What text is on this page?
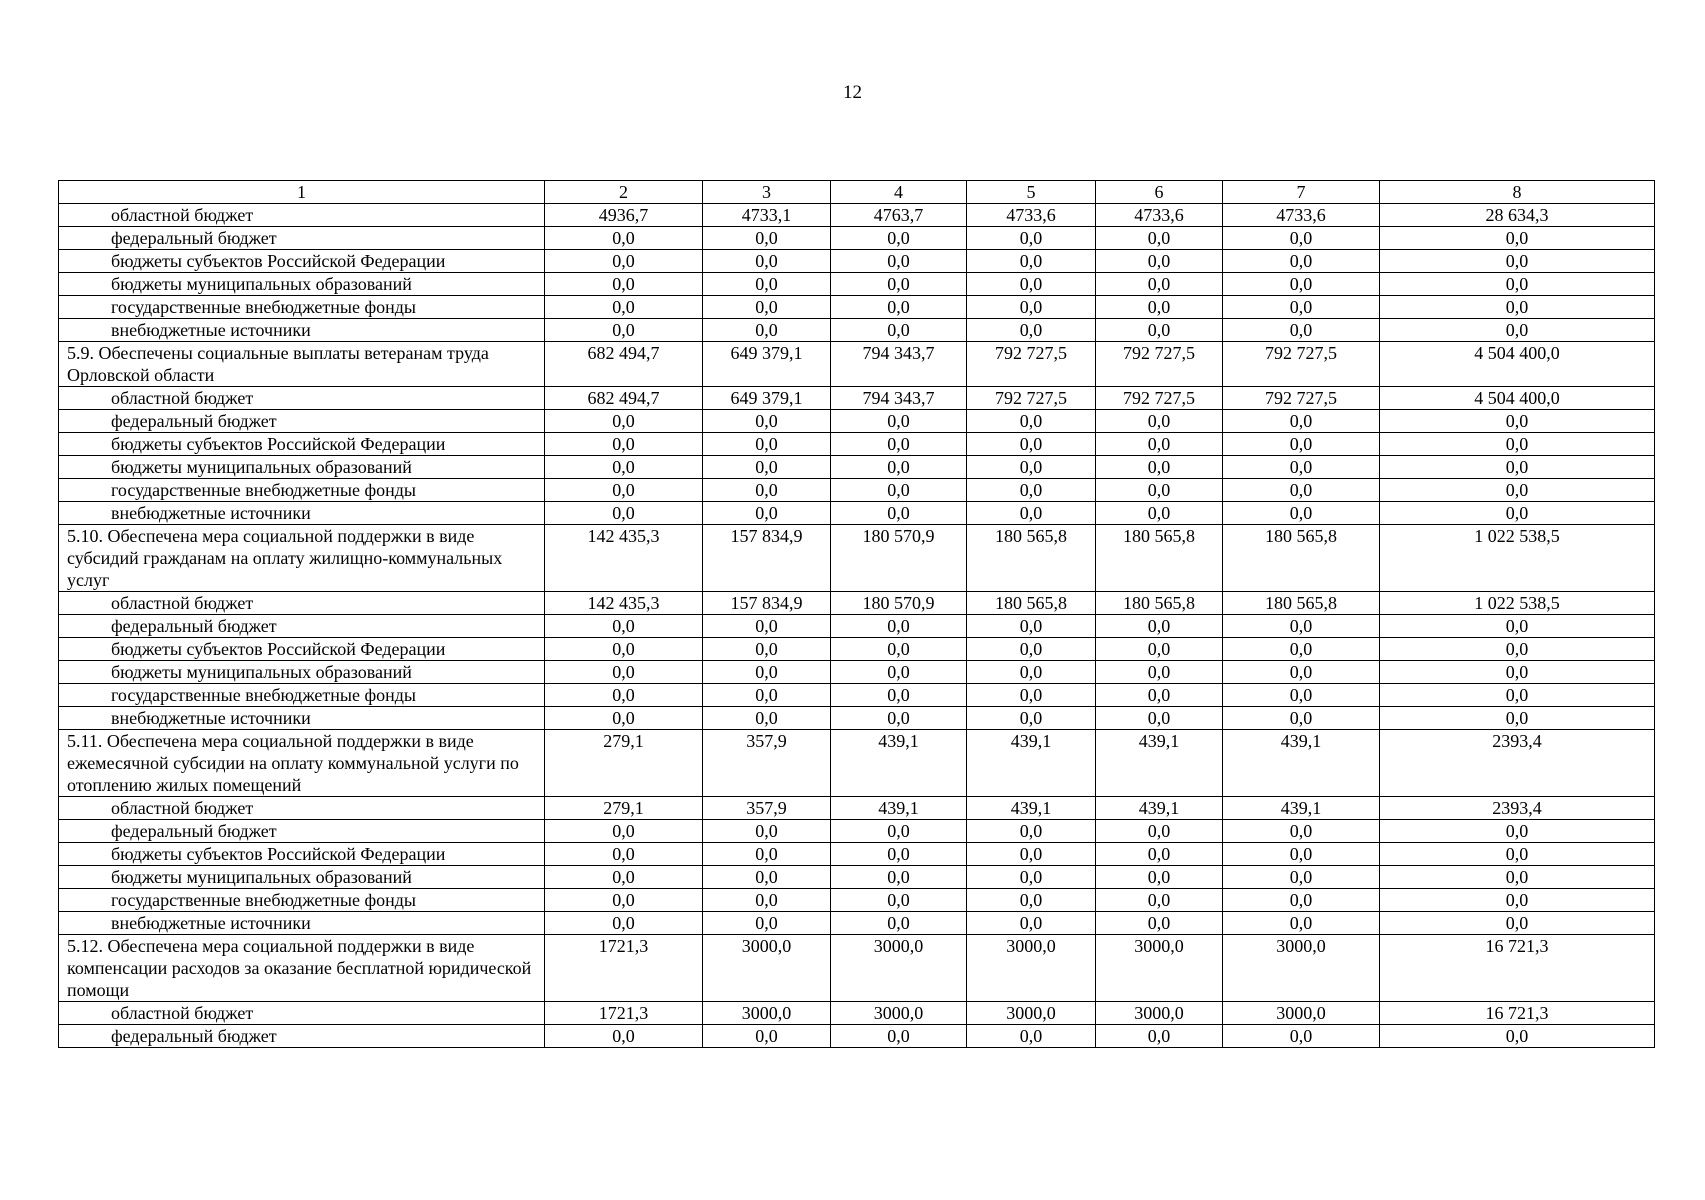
12
1	2	3	4	5	6	7	8
областной бюджет	4936,7	4733,1	4763,7	4733,6	4733,6	4733,6	28 634,3
федеральный бюджет	0,0	0,0	0,0	0,0	0,0	0,0	0,0
бюджеты субъектов Российской Федерации	0,0	0,0	0,0	0,0	0,0	0,0	0,0
бюджеты муниципальных образований	0,0	0,0	0,0	0,0	0,0	0,0	0,0
государственные внебюджетные фонды	0,0	0,0	0,0	0,0	0,0	0,0	0,0
внебюджетные источники	0,0	0,0	0,0	0,0	0,0	0,0	0,0
5.9. Обеспечены социальные выплаты ветеранам труда Орловской области	682 494,7	649 379,1	794 343,7	792 727,5	792 727,5	792 727,5	4 504 400,0
областной бюджет	682 494,7	649 379,1	794 343,7	792 727,5	792 727,5	792 727,5	4 504 400,0
федеральный бюджет	0,0	0,0	0,0	0,0	0,0	0,0	0,0
бюджеты субъектов Российской Федерации	0,0	0,0	0,0	0,0	0,0	0,0	0,0
бюджеты муниципальных образований	0,0	0,0	0,0	0,0	0,0	0,0	0,0
государственные внебюджетные фонды	0,0	0,0	0,0	0,0	0,0	0,0	0,0
внебюджетные источники	0,0	0,0	0,0	0,0	0,0	0,0	0,0
5.10. Обеспечена мера социальной поддержки в виде субсидий гражданам на оплату жилищно-коммунальных услуг	142 435,3	157 834,9	180 570,9	180 565,8	180 565,8	180 565,8	1 022 538,5
областной бюджет	142 435,3	157 834,9	180 570,9	180 565,8	180 565,8	180 565,8	1 022 538,5
федеральный бюджет	0,0	0,0	0,0	0,0	0,0	0,0	0,0
бюджеты субъектов Российской Федерации	0,0	0,0	0,0	0,0	0,0	0,0	0,0
бюджеты муниципальных образований	0,0	0,0	0,0	0,0	0,0	0,0	0,0
государственные внебюджетные фонды	0,0	0,0	0,0	0,0	0,0	0,0	0,0
внебюджетные источники	0,0	0,0	0,0	0,0	0,0	0,0	0,0
5.11. Обеспечена мера социальной поддержки в виде ежемесячной субсидии на оплату коммунальной услуги по отоплению жилых помещений	279,1	357,9	439,1	439,1	439,1	439,1	2393,4
областной бюджет	279,1	357,9	439,1	439,1	439,1	439,1	2393,4
федеральный бюджет	0,0	0,0	0,0	0,0	0,0	0,0	0,0
бюджеты субъектов Российской Федерации	0,0	0,0	0,0	0,0	0,0	0,0	0,0
бюджеты муниципальных образований	0,0	0,0	0,0	0,0	0,0	0,0	0,0
государственные внебюджетные фонды	0,0	0,0	0,0	0,0	0,0	0,0	0,0
внебюджетные источники	0,0	0,0	0,0	0,0	0,0	0,0	0,0
5.12. Обеспечена мера социальной поддержки в виде компенсации расходов за оказание бесплатной юридической помощи	1721,3	3000,0	3000,0	3000,0	3000,0	3000,0	16 721,3
областной бюджет	1721,3	3000,0	3000,0	3000,0	3000,0	3000,0	16 721,3
федеральный бюджет	0,0	0,0	0,0	0,0	0,0	0,0	0,0
